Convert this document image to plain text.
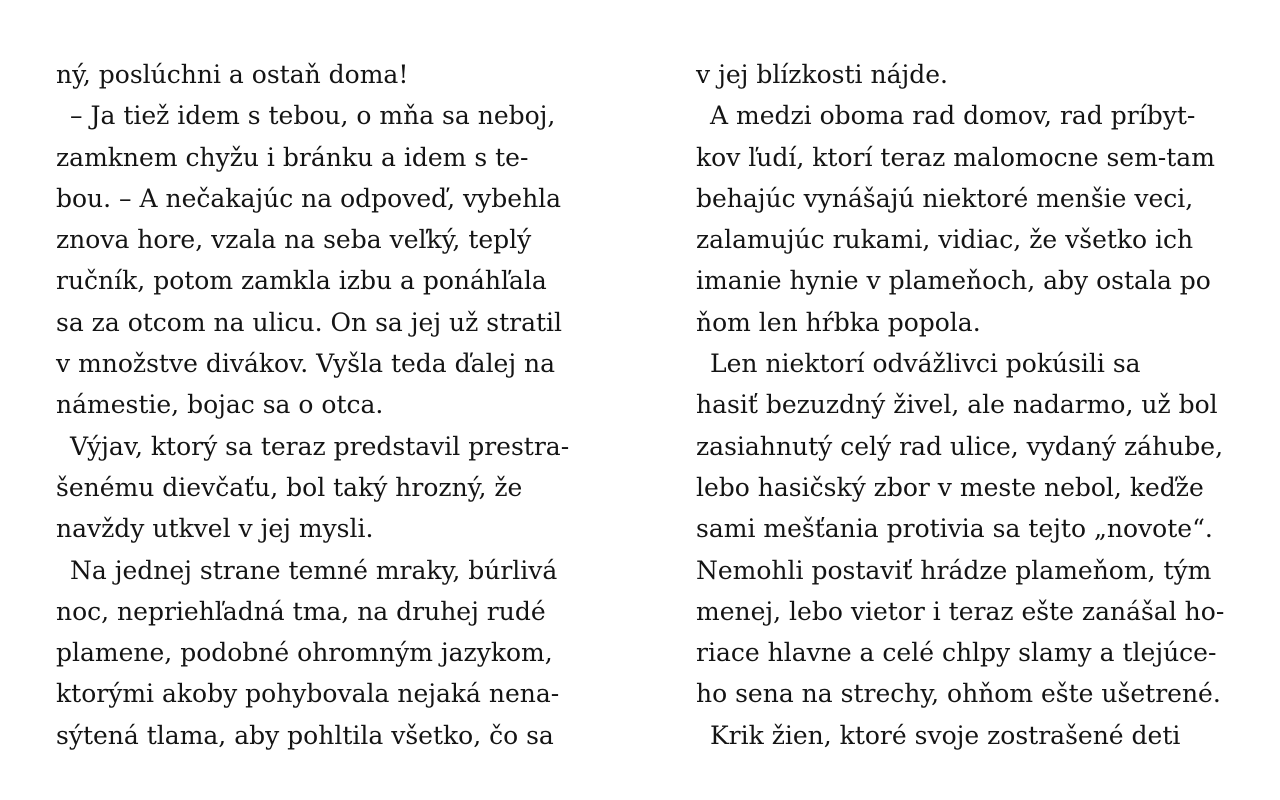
ný, poslúchni a ostaň doma!
– Ja tiež idem s tebou, o mňa sa neboj,
zamknem chyžu i bránku a idem s te-
bou. – A nečakajúc na odpoveď, vybehla
znova hore, vzala na seba veľký, teplý
ručník, potom zamkla izbu a ponáhľala
sa za otcom na ulicu. On sa jej už stratil
v množstve divákov. Vyšla teda ďalej na
námestie, bojac sa o otca.
Výjav, ktorý sa teraz predstavil prestra-
šenému dievčaťu, bol taký hrozný, že
navždy utkvel v jej mysli.
Na jednej strane temné mraky, búrlivá
noc, nepriehľadná tma, na druhej rudé
plamene, podobné ohromným jazykom,
ktorými akoby pohybovala nejaká nena-
sýtená tlama, aby pohltila všetko, čo sa
v jej blízkosti nájde.
A medzi oboma rad domov, rad príbyt-
kov ľudí, ktorí teraz malomocne sem-tam
behajúc vynášajú niektoré menšie veci,
zalamujúc rukami, vidiac, že všetko ich
imanie hynie v plameňoch, aby ostala po
ňom len hŕbka popola.
Len niektorí odvážlivci pokúsili sa
hasiť bezuzdný živel, ale nadarmo, už bol
zasiahnutý celý rad ulice, vydaný záhube,
lebo hasičský zbor v meste nebol, keďže
sami mešťania protivia sa tejto „novote“.
Nemohli postaviť hrádze plameňom, tým
menej, lebo vietor i teraz ešte zanášal ho-
riace hlavne a celé chlpy slamy a tlejúce-
ho sena na strechy, ohňom ešte ušetrené.
Krik žien, ktoré svoje zostrašené deti
